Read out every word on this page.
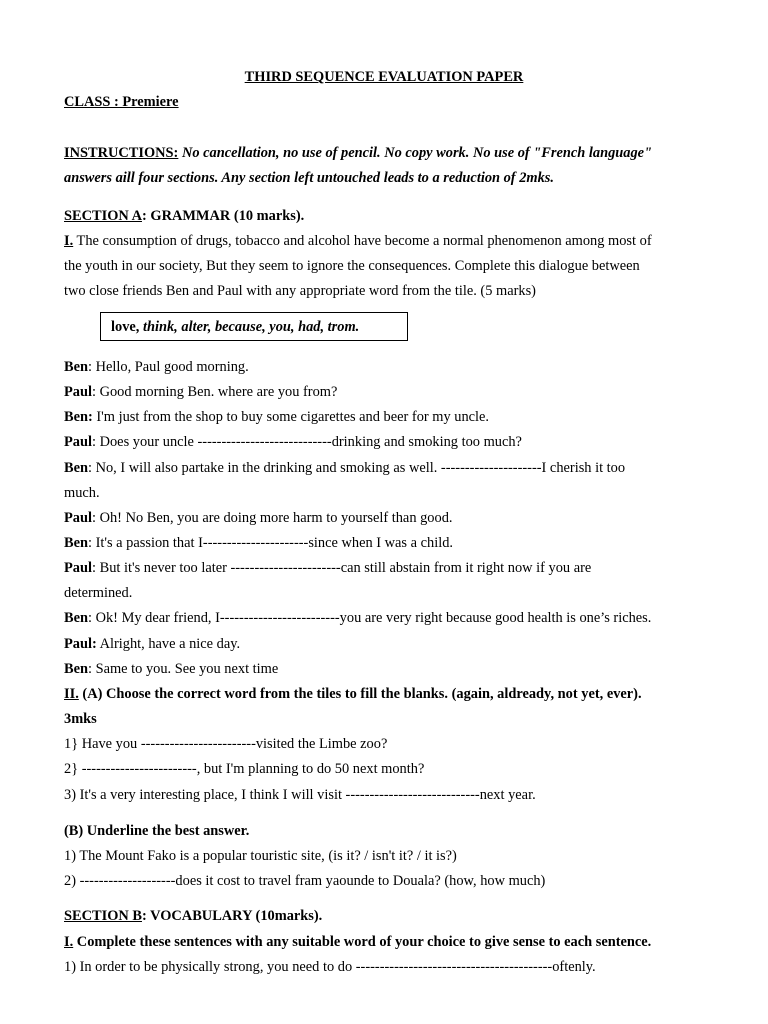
THIRD SEQUENCE EVALUATION PAPER
CLASS : Premiere
INSTRUCTIONS: No cancellation, no use of pencil. No copy work. No use of "French language"
answers aill four sections. Any section left untouched leads to a reduction of 2mks.
SECTION A: GRAMMAR (10 marks).
I. The consumption of drugs, tobacco and alcohol have become a normal phenomenon among most of
the youth in our society, But they seem to ignore the consequences. Complete this dialogue between
two close friends Ben and Paul with any appropriate word from the tile. (5 marks)
love, think, alter, because, you, had, trom.
Ben: Hello, Paul good morning.
Paul: Good morning Ben. where are you from?
Ben: I'm just from the shop to buy some cigarettes and beer for my uncle.
Paul: Does your uncle ----------------------------drinking and smoking too much?
Ben: No, I will also partake in the drinking and smoking as well. ---------------------I cherish it too
much.
Paul: Oh! No Ben, you are doing more harm to yourself than good.
Ben: It's a passion that I----------------------since when I was a child.
Paul: But it's never too later -----------------------can still abstain from it right now if you are
determined.
Ben: Ok! My dear friend, I-------------------------you are very right because good health is one’s riches.
Paul: Alright, have a nice day.
Ben: Same to you. See you next time
II. (A) Choose the correct word from the tiles to fill the blanks. (again, aldready, not yet, ever).
3mks
1} Have you ------------------------visited the Limbe zoo?
2} ------------------------, but I'm planning to do 50 next month?
3) It's a very interesting place, I think I will visit ----------------------------next year.
(B) Underline the best answer.
1) The Mount Fako is a popular touristic site, (is it? / isn't it? / it is?)
2) --------------------does it cost to travel fram yaounde to Douala? (how, how much)
SECTION B: VOCABULARY (10marks).
I. Complete these sentences with any suitable word of your choice to give sense to each sentence.
1) In order to be physically strong, you need to do -----------------------------------------oftenly.
